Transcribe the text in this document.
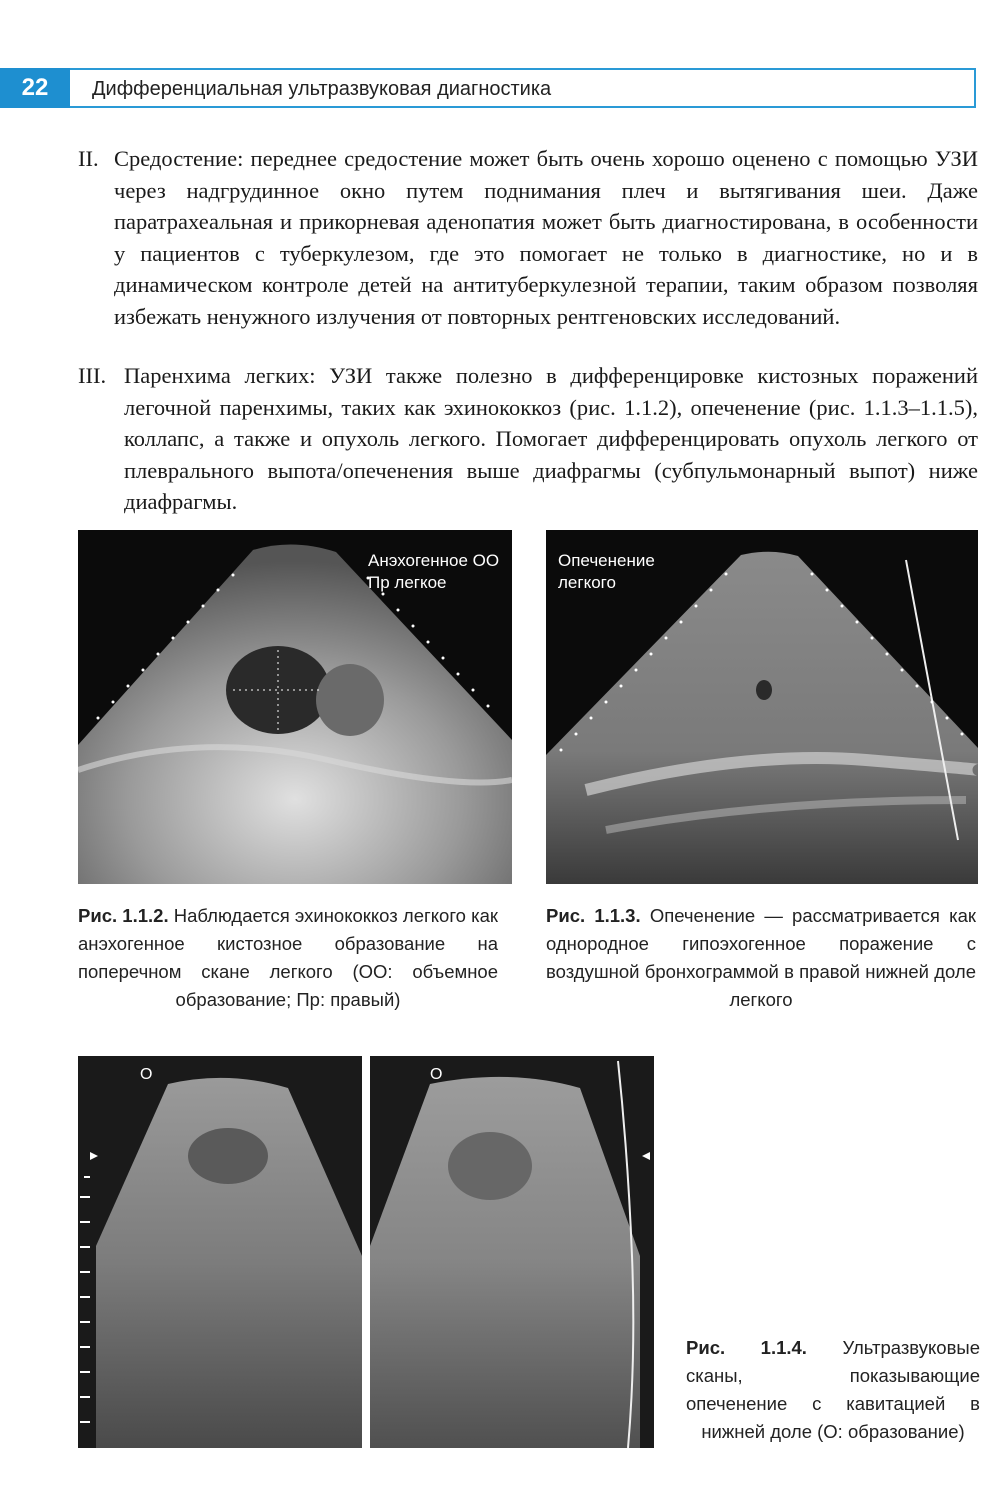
22	Дифференциальная ультразвуковая диагностика
II. Средостение: переднее средостение может быть очень хорошо оценено с помощью УЗИ через надгрудинное окно путем поднимания плеч и вытягивания шеи. Даже паратрахеальная и прикорневая аденопатия может быть диагностирована, в особенности у пациентов с туберкулезом, где это помогает не только в диагностике, но и в динамическом контроле детей на антитуберкулезной терапии, таким образом позволяя избежать ненужного излучения от повторных рентгеновских исследований.
III. Паренхима легких: УЗИ также полезно в дифференцировке кистозных поражений легочной паренхимы, таких как эхинококкоз (рис. 1.1.2), опеченение (рис. 1.1.3–1.1.5), коллапс, а также и опухоль легкого. Помогает дифференцировать опухоль легкого от плеврального выпота/опеченения выше диафрагмы (субпульмонарный выпот) ниже диафрагмы.
Анэхогенное ОО
Пр легкое
Рис. 1.1.2. Наблюдается эхинококкоз легкого как анэхогенное кистозное образование на поперечном скане легкого (ОО: объемное образование; Пр: правый)
Опеченение
легкого
Рис. 1.1.3. Опеченение — рассматривается как однородное гипоэхогенное поражение с воздушной бронхограммой в правой нижней доле легкого
O	O
Рис. 1.1.4. Ультразвуковые сканы, показывающие опеченение с кавитацией в нижней доле (О: образование)
